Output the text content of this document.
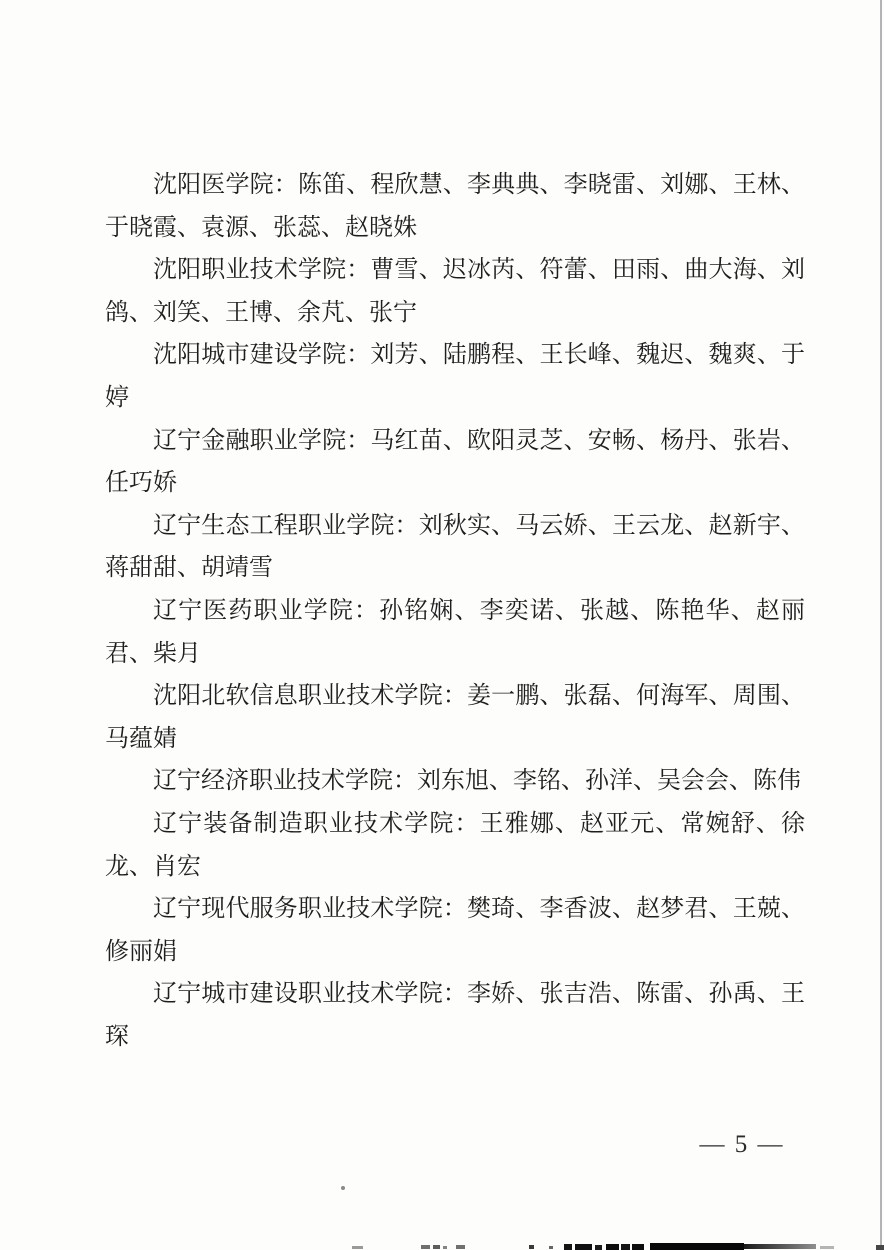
沈阳医学院：陈笛、程欣慧、李典典、李晓雷、刘娜、王林、于晓霞、袁源、张蕊、赵晓姝

沈阳职业技术学院：曹雪、迟冰芮、符蕾、田雨、曲大海、刘鸽、刘笑、王博、余芃、张宁

沈阳城市建设学院：刘芳、陆鹏程、王长峰、魏迟、魏爽、于婷

辽宁金融职业学院：马红苗、欧阳灵芝、安畅、杨丹、张岩、任巧娇

辽宁生态工程职业学院：刘秋实、马云娇、王云龙、赵新宇、蒋甜甜、胡靖雪

辽宁医药职业学院：孙铭娴、李奕诺、张越、陈艳华、赵丽君、柴月

沈阳北软信息职业技术学院：姜一鹏、张磊、何海军、周围、马蕴婧

辽宁经济职业技术学院：刘东旭、李铭、孙洋、吴会会、陈伟

辽宁装备制造职业技术学院：王雅娜、赵亚元、常婉舒、徐龙、肖宏

辽宁现代服务职业技术学院：樊琦、李香波、赵梦君、王兢、修丽娟

辽宁城市建设职业技术学院：李娇、张吉浩、陈雷、孙禹、王琛

— 5 —
